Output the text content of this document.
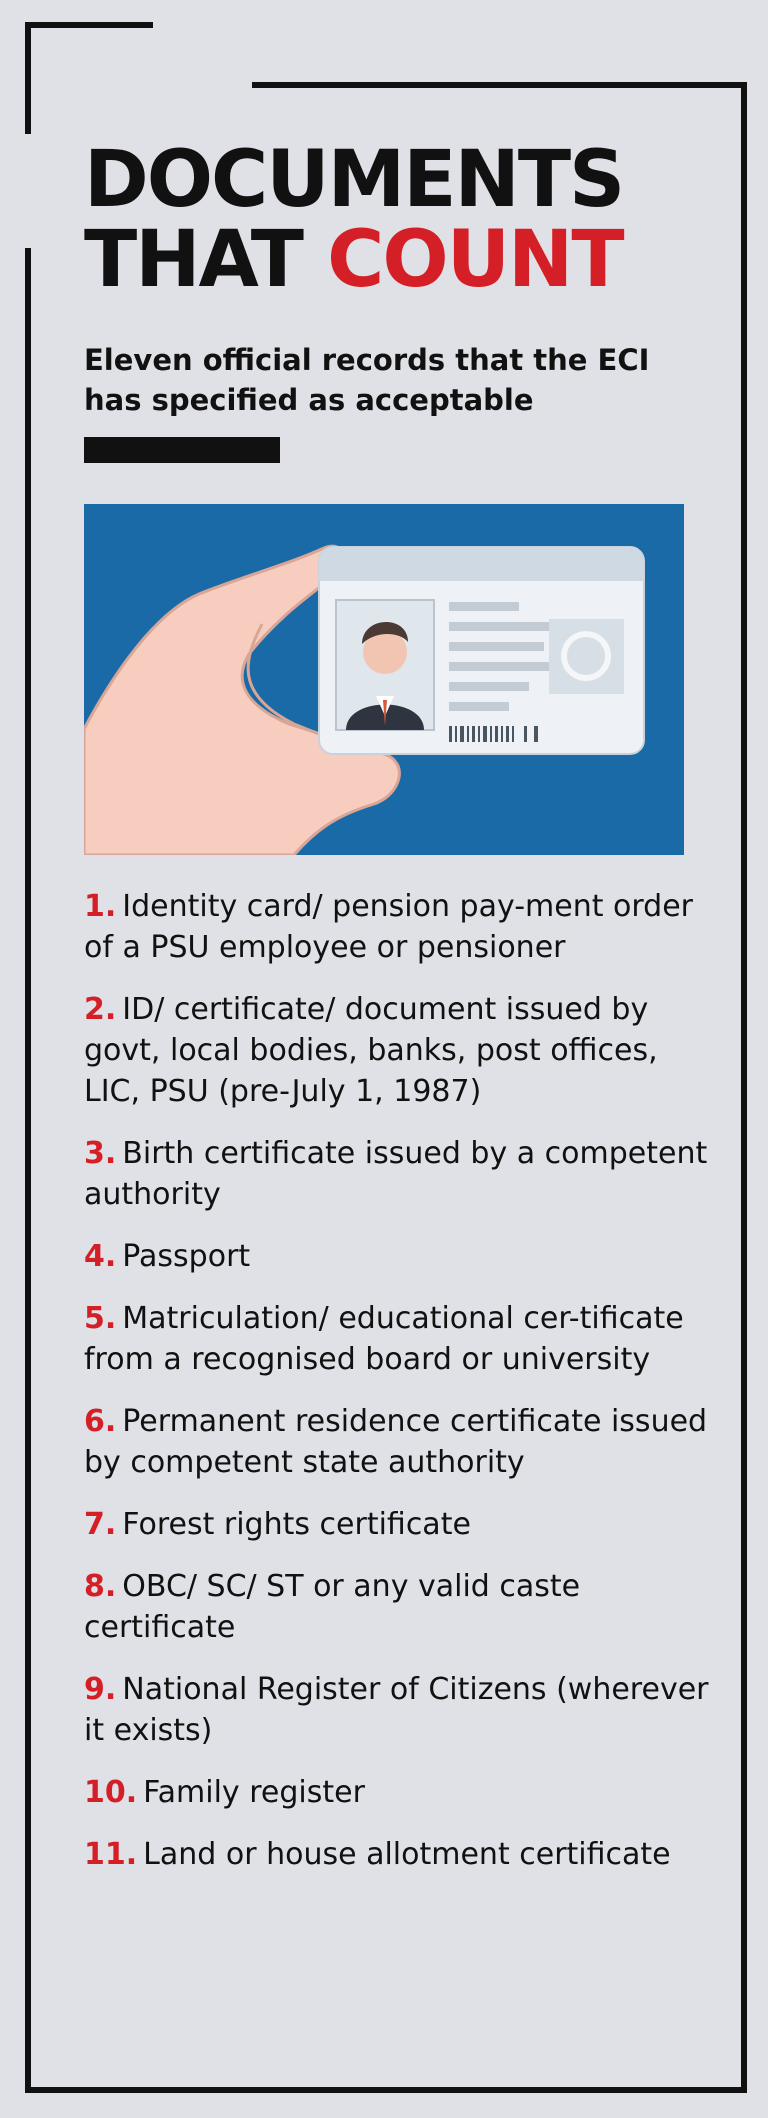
DOCUMENTS
THAT COUNT

Eleven official records that the ECI has specified as acceptable

1. Identity card/ pension pay-ment order of a PSU employee or pensioner
2. ID/ certificate/ document issued by govt, local bodies, banks, post offices, LIC, PSU (pre-July 1, 1987)
3. Birth certificate issued by a competent authority
4. Passport
5. Matriculation/ educational cer-tificate from a recognised board or university
6. Permanent residence certificate issued by competent state authority
7. Forest rights certificate
8. OBC/ SC/ ST or any valid caste certificate
9. National Register of Citizens (wherever it exists)
10. Family register
11. Land or house allotment certificate
